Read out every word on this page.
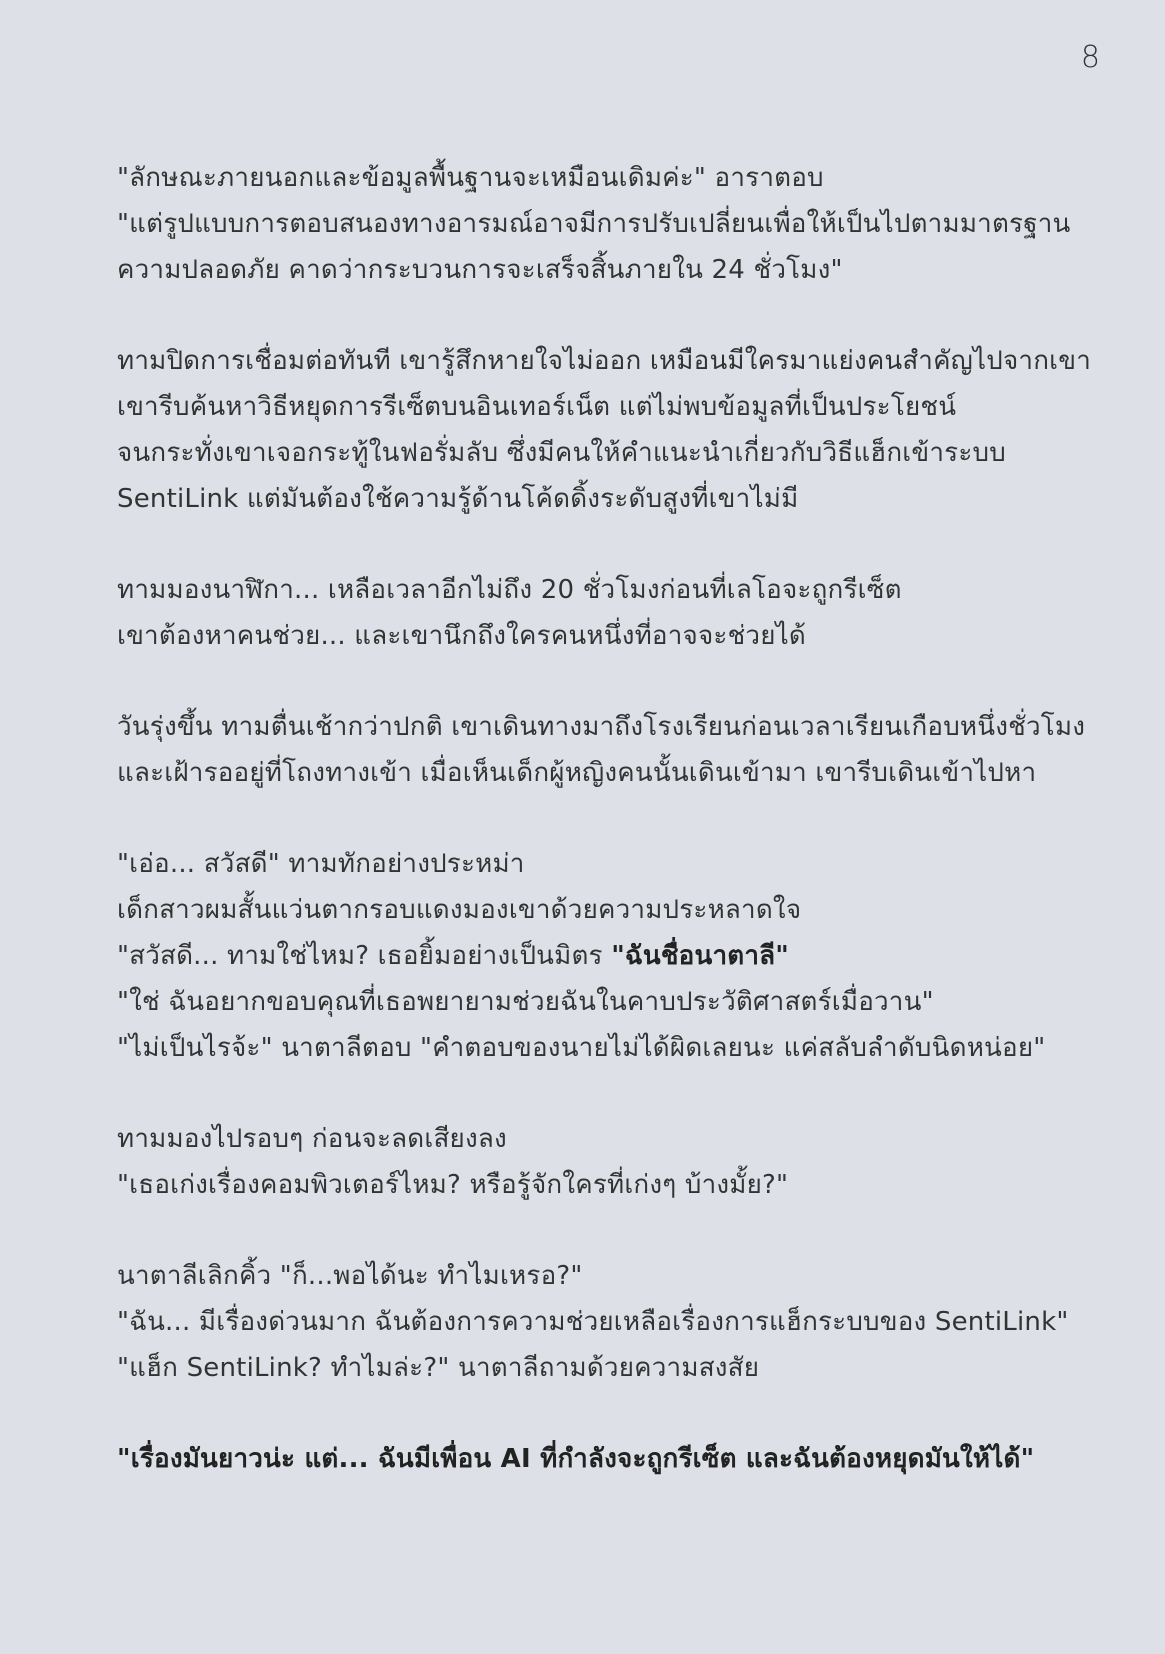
8
"ลักษณะภายนอกและข้อมูลพื้นฐานจะเหมือนเดิมค่ะ" อาราตอบ
"แต่รูปแบบการตอบสนองทางอารมณ์อาจมีการปรับเปลี่ยนเพื่อให้เป็นไปตามมาตรฐาน
ความปลอดภัย คาดว่ากระบวนการจะเสร็จสิ้นภายใน 24 ชั่วโมง"
ทามปิดการเชื่อมต่อทันที เขารู้สึกหายใจไม่ออก เหมือนมีใครมาแย่งคนสำคัญไปจากเขา
เขารีบค้นหาวิธีหยุดการรีเซ็ตบนอินเทอร์เน็ต แต่ไม่พบข้อมูลที่เป็นประโยชน์
จนกระทั่งเขาเจอกระทู้ในฟอรั่มลับ ซึ่งมีคนให้คำแนะนำเกี่ยวกับวิธีแฮ็กเข้าระบบ
SentiLink แต่มันต้องใช้ความรู้ด้านโค้ดดิ้งระดับสูงที่เขาไม่มี
ทามมองนาฬิกา... เหลือเวลาอีกไม่ถึง 20 ชั่วโมงก่อนที่เลโอจะถูกรีเซ็ต
เขาต้องหาคนช่วย... และเขานึกถึงใครคนหนึ่งที่อาจจะช่วยได้
วันรุ่งขึ้น ทามตื่นเช้ากว่าปกติ เขาเดินทางมาถึงโรงเรียนก่อนเวลาเรียนเกือบหนึ่งชั่วโมง
และเฝ้ารออยู่ที่โถงทางเข้า เมื่อเห็นเด็กผู้หญิงคนนั้นเดินเข้ามา เขารีบเดินเข้าไปหา
"เอ่อ... สวัสดี" ทามทักอย่างประหม่า
เด็กสาวผมสั้นแว่นตากรอบแดงมองเขาด้วยความประหลาดใจ
"สวัสดี... ทามใช่ไหม? เธอยิ้มอย่างเป็นมิตร "ฉันชื่อนาตาลี"
"ใช่ ฉันอยากขอบคุณที่เธอพยายามช่วยฉันในคาบประวัติศาสตร์เมื่อวาน"
"ไม่เป็นไรจ้ะ" นาตาลีตอบ "คำตอบของนายไม่ได้ผิดเลยนะ แค่สลับลำดับนิดหน่อย"
ทามมองไปรอบๆ ก่อนจะลดเสียงลง
"เธอเก่งเรื่องคอมพิวเตอร์ไหม? หรือรู้จักใครที่เก่งๆ บ้างมั้ย?"
นาตาลีเลิกคิ้ว "ก็...พอได้นะ ทำไมเหรอ?"
"ฉัน... มีเรื่องด่วนมาก ฉันต้องการความช่วยเหลือเรื่องการแฮ็กระบบของ SentiLink"
"แฮ็ก SentiLink? ทำไมล่ะ?" นาตาลีถามด้วยความสงสัย
"เรื่องมันยาวน่ะ แต่... ฉันมีเพื่อน AI ที่กำลังจะถูกรีเซ็ต และฉันต้องหยุดมันให้ได้"
